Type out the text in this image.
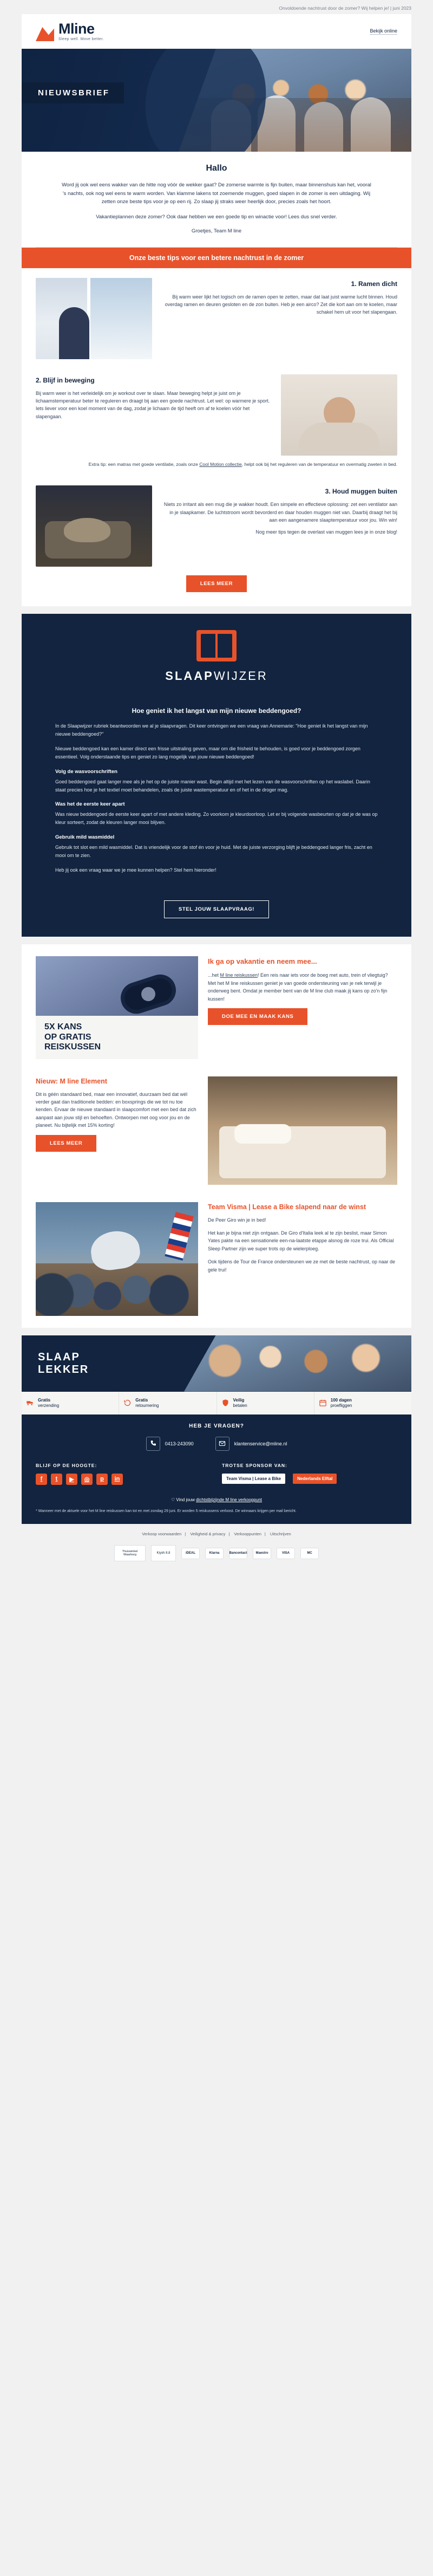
Onvoldoende nachtrust door de zomer? Wij helpen je! | juni 2023
Mline
Sleep well. Move better.
Bekijk online
NIEUWSBRIEF
Hallo

Word jij ook wel eens wakker van de hitte nog vóór de wekker gaat? De zomerse warmte is fijn buiten, maar binnenshuis kan het, vooral 's nachts, ook nog wel eens te warm worden. Van klamme lakens tot zoemende muggen, goed slapen in de zomer is een uitdaging. Wij zetten onze beste tips voor je op een rij. Zo slaap jij straks weer heerlijk door, precies zoals het hoort.

Vakantieplannen deze zomer? Ook daar hebben we een goede tip en winactie voor! Lees dus snel verder.

Groetjes, Team M line
Onze beste tips voor een betere nachtrust in de zomer
1. Ramen dicht

Bij warm weer lijkt het logisch om de ramen open te zetten, maar dat laat juist warme lucht binnen. Houd overdag ramen en deuren gesloten en de zon buiten. Heb je een airco? Zet die kort aan om te koelen, maar schakel hem uit voor het slapengaan.

2. Blijf in beweging

Bij warm weer is het verleidelijk om je workout over te slaan. Maar beweging helpt je juist om je lichaamstemperatuur beter te reguleren en draagt bij aan een goede nachtrust. Let wel: op warmere je sport. Iets liever voor een koel moment van de dag, zodat je lichaam de tijd heeft om af te koelen vóór het slapengaan.

Extra tip: een matras met goede ventilatie, zoals onze Cool Motion collectie, helpt ook bij het reguleren van de temperatuur en overmatig zweten in bed.
3. Houd muggen buiten

Niets zo irritant als een mug die je wakker houdt. Een simpele en effectieve oplossing: zet een ventilator aan in je slaapkamer. De luchtstroom wordt bevorderd en daar houden muggen niet van. Daarbij draagt het bij aan een aangenamere slaaptemperatuur voor jou. Win win!

Nog meer tips tegen de overlast van muggen lees je in onze blog!

LEES MEER
SLAAPWIJZER
Hoe geniet ik het langst van mijn nieuwe beddengoed?

In de Slaapwijzer rubriek beantwoorden we al je slaapvragen. Dit keer ontvingen we een vraag van Annemarie: "Hoe geniet ik het langst van mijn nieuwe beddengoed?"

Nieuwe beddengoed kan een kamer direct een frisse uitstraling geven, maar om die frisheid te behouden, is goed voor je beddengoed zorgen essentieel. Volg onderstaande tips en geniet zo lang mogelijk van jouw nieuwe beddengoed!

Volg de wasvoorschriften

Goed beddengoed gaat langer mee als je het op de juiste manier wast. Begin altijd met het lezen van de wasvoorschriften op het waslabel. Daarin staat precies hoe je het textiel moet behandelen, zoals de juiste wastemperatuur en of het in de droger mag.

Was het de eerste keer apart

Was nieuw beddengoed de eerste keer apart of met andere kleding. Zo voorkom je kleurdoorloop. Let er bij volgende wasbeurten op dat je de was op kleur sorteert, zodat de kleuren langer mooi blijven.

Gebruik mild wasmiddel

Gebruik tot slot een mild wasmiddel. Dat is vriendelijk voor de stof én voor je huid. Met de juiste verzorging blijft je beddengoed langer fris, zacht en mooi om te zien.

Heb jij ook een vraag waar we je mee kunnen helpen? Stel hem hieronder!

STEL JOUW SLAAPVRAAG!
5X KANS
OP GRATIS
REISKUSSEN
Ik ga op vakantie en neem mee...

...het M line reiskussen! Een reis naar iets voor de boeg met auto, trein of vliegtuig? Met het M line reiskussen geniet je van goede ondersteuning van je nek terwijl je onderweg bent. Omdat je member bent van de M line club maak jij kans op zo'n fijn kussen!

DOE MEE EN MAAK KANS
Nieuw: M line Element

Dit is géén standaard bed, maar een innovatief, duurzaam bed dat wél verder gaat dan traditionele bedden: en boxsprings die we tot nu toe kenden. Ervaar de nieuwe standaard in slaapcomfort met een bed dat zich aanpast aan jouw stijl en behoeften. Ontworpen met oog voor jou en de planeet. Nu bijtelijk met 15% korting!

LEES MEER
Team Visma | Lease a Bike slapend naar de winst

De Peer Giro win je in bed!

Het kan je bijna niet zijn ontgaan. De Giro d'Italia leek al te zijn beslist, maar Simon Yates pakte na een sensationele een-na-laatste etappe alsnog de roze trui. Als Official Sleep Partner zijn we super trots op de wielerploeg.

Ook tijdens de Tour de France ondersteunen we ze met de beste nachtrust, op naar de gele trui!

SLAAP
LEKKER
Gratis
verzending
Gratis
retournering
Veilig
betalen
100 dagen
proefliggen
HEB JE VRAGEN?
0413-243090	klantenservice@mline.nl
BLIJF OP DE HOOGTE:
f	t	▶	◎	p	in
TROTSE SPONSOR VAN:
Team Visma | Lease a Bike	Nederlands Elftal
♡ Vind jouw dichtstbijzijnde M line verkooppunt
* Wanneer met de aktuele voor het M line reiskussen kan tot en met zondag 29 juni. Er worden 5 reiskussens verloost. De winnaars krijgen per mail bericht.
Verkoop voorwaarden | Veiligheid & privacy | Verkooppunten | Uitschrijven
Thuiswinkel Waarborg	Kiyoh 8.8	iDEAL	Klarna	Bancontact	Maestro	VISA	MC
